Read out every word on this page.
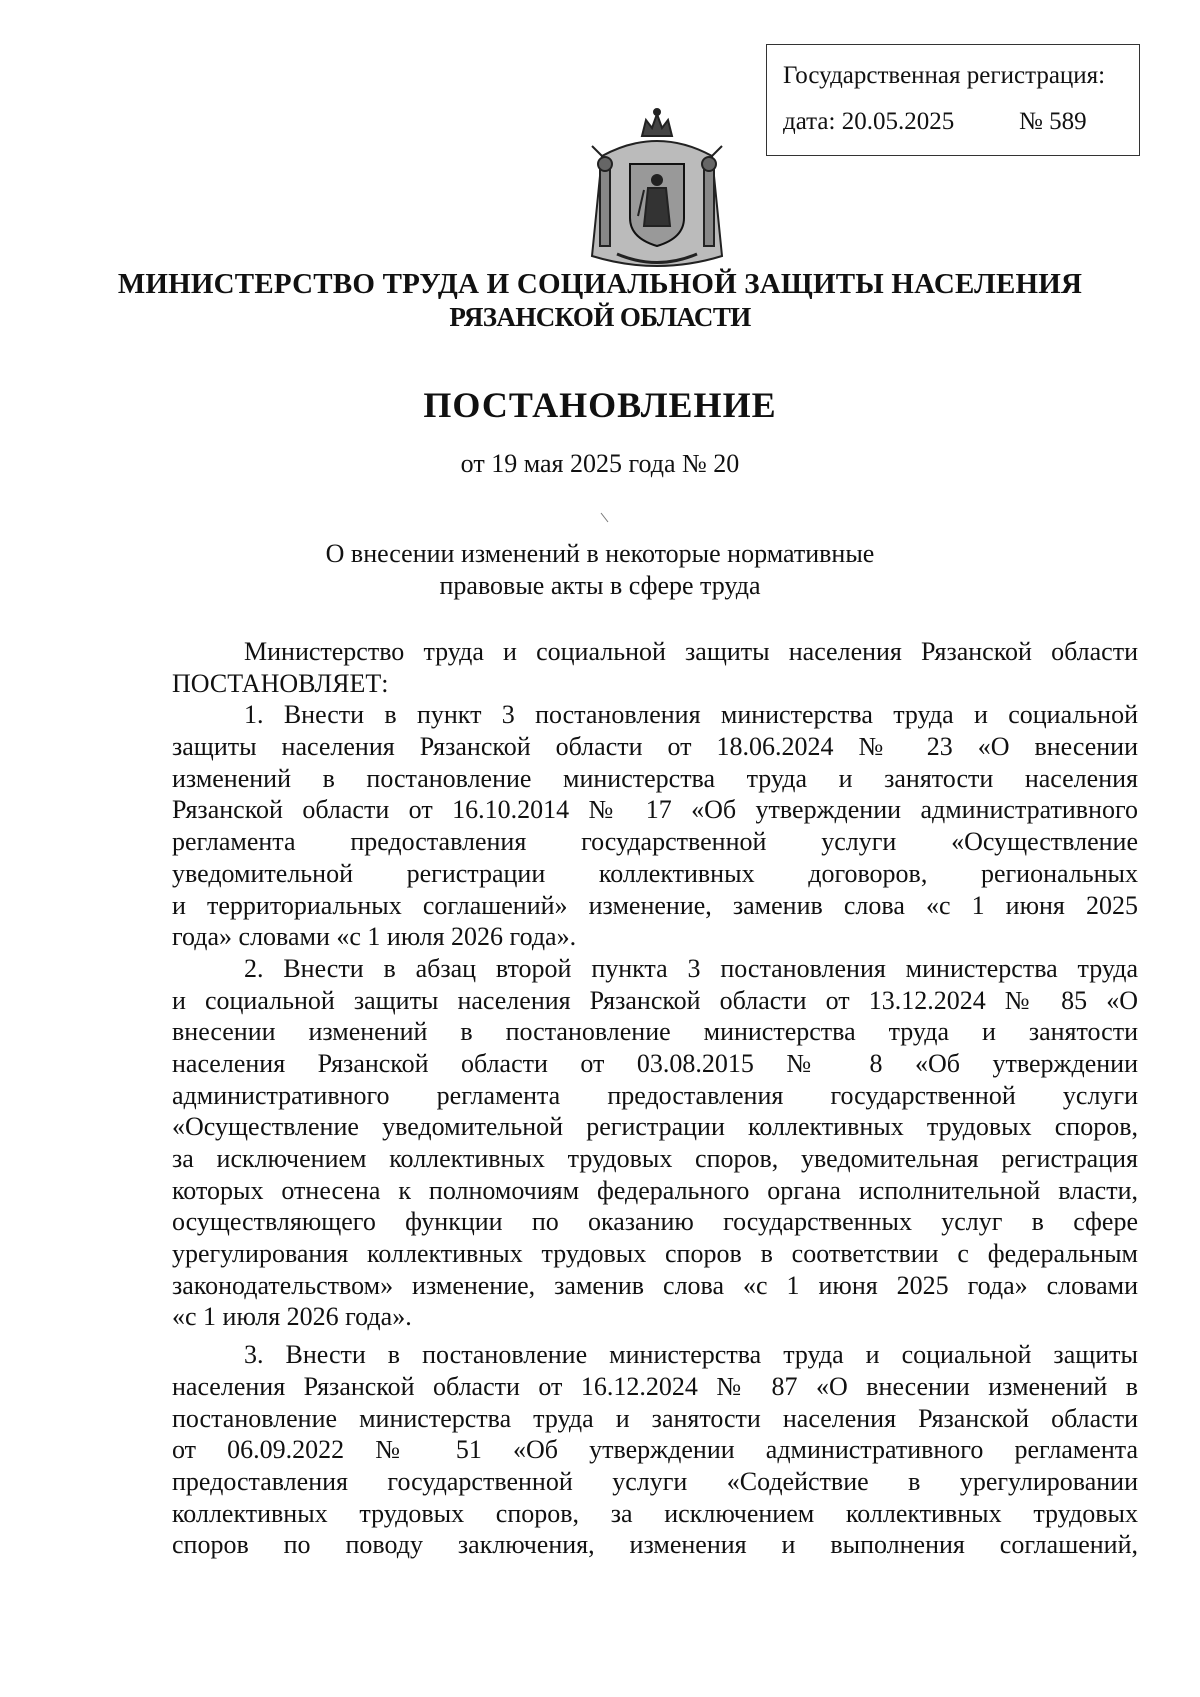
Государственная регистрация:
дата: 20.05.2025	№ 589
МИНИСТЕРСТВО ТРУДА И СОЦИАЛЬНОЙ ЗАЩИТЫ НАСЕЛЕНИЯ
РЯЗАНСКОЙ ОБЛАСТИ
ПОСТАНОВЛЕНИЕ
от 19 мая 2025 года № 20
О внесении изменений в некоторые нормативные
правовые акты в сфере труда
Министерство труда и социальной защиты населения Рязанской области
ПОСТАНОВЛЯЕТ:
1. Внести в пункт 3 постановления министерства труда и социальной
защиты населения Рязанской области от 18.06.2024 № 23 «О внесении
изменений в постановление министерства труда и занятости населения
Рязанской области от 16.10.2014 № 17 «Об утверждении административного
регламента предоставления государственной услуги «Осуществление
уведомительной регистрации коллективных договоров, региональных
и территориальных соглашений» изменение, заменив слова «с 1 июня 2025
года» словами «с 1 июля 2026 года».
2. Внести в абзац второй пункта 3 постановления министерства труда
и социальной защиты населения Рязанской области от 13.12.2024 № 85 «О
внесении изменений в постановление министерства труда и занятости
населения Рязанской области от 03.08.2015 № 8 «Об утверждении
административного регламента предоставления государственной услуги
«Осуществление уведомительной регистрации коллективных трудовых споров,
за исключением коллективных трудовых споров, уведомительная регистрация
которых отнесена к полномочиям федерального органа исполнительной власти,
осуществляющего функции по оказанию государственных услуг в сфере
урегулирования коллективных трудовых споров в соответствии с федеральным
законодательством» изменение, заменив слова «с 1 июня 2025 года» словами
«с 1 июля 2026 года».
3. Внести в постановление министерства труда и социальной защиты
населения Рязанской области от 16.12.2024 № 87 «О внесении изменений в
постановление министерства труда и занятости населения Рязанской области
от 06.09.2022 № 51 «Об утверждении административного регламента
предоставления государственной услуги «Содействие в урегулировании
коллективных трудовых споров, за исключением коллективных трудовых
споров по поводу заключения, изменения и выполнения соглашений,
